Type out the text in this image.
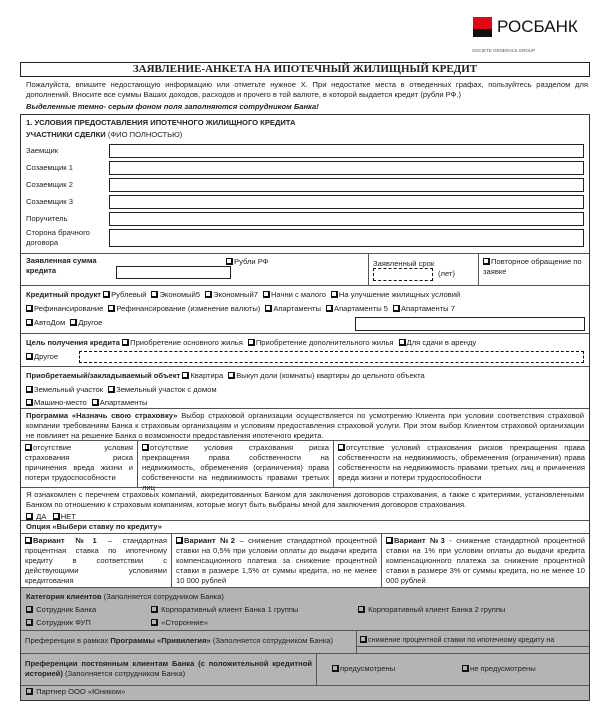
РОСБАНК
SOCIETE GENERALE GROUP
ЗАЯВЛЕНИЕ-АНКЕТА НА ИПОТЕЧНЫЙ ЖИЛИЩНЫЙ КРЕДИТ
Пожалуйста, впишите недостающую информацию или отметьте нужное Х. При недостатке места в отведенных графах, пользуйтесь разделом для дополнений. Вносите все суммы Ваших доходов, расходов и прочего в той валюте, в которой выдается кредит (рубли РФ.)
Выделенные темно- серым фоном поля заполняются сотрудником Банка!
1. УСЛОВИЯ ПРЕДОСТАВЛЕНИЯ ИПОТЕЧНОГО ЖИЛИЩНОГО КРЕДИТА
УЧАСТНИКИ СДЕЛКИ (ФИО ПОЛНОСТЬЮ)
Заемщик
Созаемщик 1
Созаемщик 2
Созаемщик 3
Поручитель
Сторона брачного договора
Заявленная сумма кредита
Рубли РФ	Заявленный срок
(лет)
Повторное обращение по заявке
Кредитный продукт Рублевый Экономый5 Экономный7 Начни с малого На улучшение жилищных условий
Рефинансирование Рефинансирование (изменение валюты) Апартаменты Апартаменты 5 Апартаменты 7
АвтоДом Другое
Цель получения кредита Приобретение основного жилья Приобретение дополнительного жилья Для сдачи в аренду
Другое
Приобретаемый/закладываемый объект Квартира Выкуп доли (комнаты) квартиры до цельного объекта
Земельный участок Земельный участок с домом
Машино-место Апартаменты
Программа «Назначь свою страховку» Выбор страховой организации осуществляется по усмотрению Клиента при условии соответствия страховой компании требованиям Банка к страховым организациям и условиям предоставления страховой услуги. При этом выбор Клиентом страховой организации не повлияет на решение Банка о возможности предоставления ипотечного кредита.
отсутствие условия страхования риска причинения вреда жизни и потери трудоспособности
отсутствие условия страхования риска прекращения права собственности на недвижимость, обременения (ограничения) права собственности на недвижимость правами третьих лиц
отсутствие условий страхования рисков прекращения права собственности на недвижимость, обременения (ограничения) права собственности на недвижимость правами третьих лиц и причинения вреда жизни и потери трудоспособности
Я ознакомлен с перечнем страховых компаний, аккредитованных Банком для заключения договоров страхования, а также с критериями, установленными Банком по отношению к страховым компаниям, которые могут быть выбраны мной для заключения договоров страхования.
ДА НЕТ
Опция «Выбери ставку по кредиту»
Вариант №1 – стандартная процентная ставка по ипотечному кредиту в соответствии с действующими условиями кредитования
Вариант №2 – снижение стандартной процентной ставки на 0,5% при условии оплаты до выдачи кредита компенсационного платежа за снижение процентной ставки в размере 1,5% от суммы кредита, но не менее 10 000 рублей
Вариант №3 - снижение стандартной процентной ставки на 1% при условии оплаты до выдачи кредита компенсационного платежа за снижение процентной ставки в размере 3% от суммы кредита, но не менее 10 000 рублей
Категория клиентов (Заполняется сотрудником Банка)
Сотрудник Банка	Корпоративный клиент Банка 1 группы	Корпоративный клиент Банка 2 группы
Сотрудник ФУП	«Сторонние»
Преференции в рамках Программы «Привилегия» (Заполняется сотрудником Банка)	снижение процентной ставки по ипотечному кредиту на
Преференции постоянным клиентам Банка (с положительной кредитной историей) (Заполняется сотрудником Банка)
предусмотрены	не предусмотрены
Партнер ООО «Юником»
